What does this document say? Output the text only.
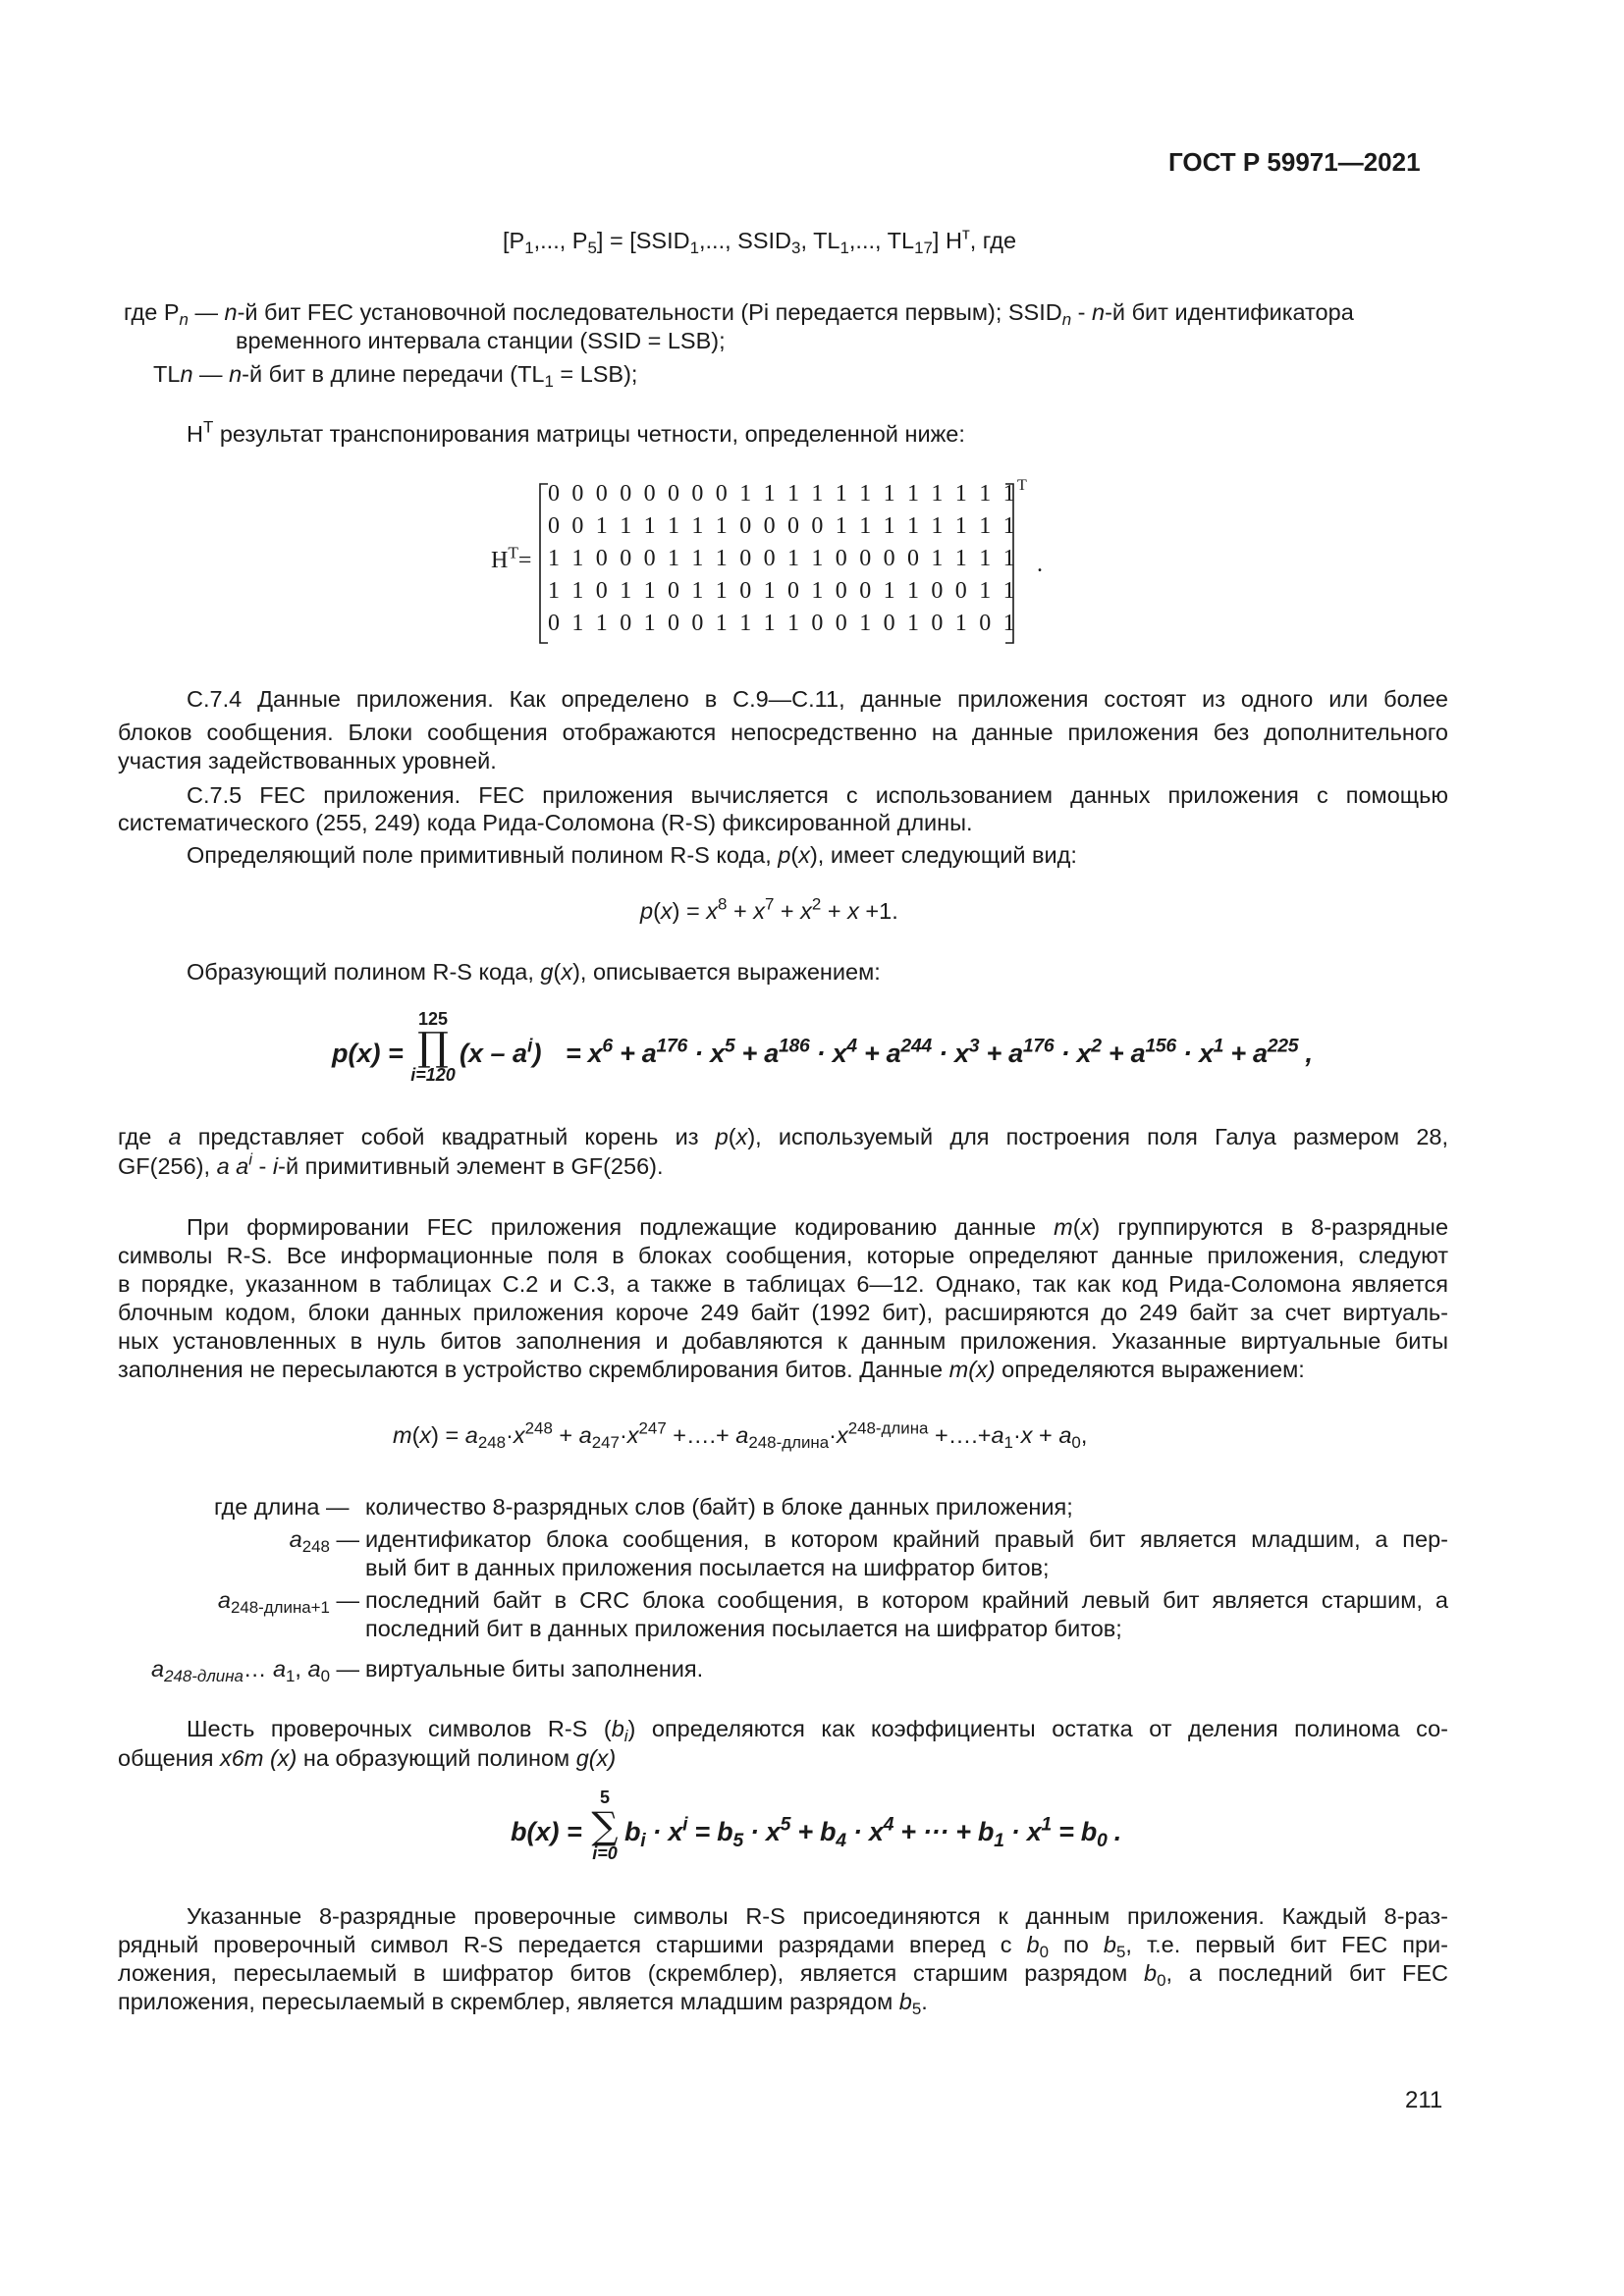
ГОСТ Р 59971—2021
[$P_1$,..., $P_5$] = [$SSID_1$,..., $SSID_3$, $TL_1$,..., $TL_{17}$] $H^т$, где
где $P_n$ — n-й бит FEC установочной последовательности (Pi передается первым); $SSID_n - n-й$ бит идентификатора
временного интервала станции (SSID = LSB);
TLn — n-й бит в длине передачи $(TL_1 = LSB)$;
$H^T$ результат транспонирования матрицы четности, определенной ниже:
$H^T=$
0 0 0 0 0 0 0 0 1 1 1 1 1 1 1 1 1 1 1 1
0 0 1 1 1 1 1 1 0 0 0 0 1 1 1 1 1 1 1 1
1 1 0 0 0 1 1 1 0 0 1 1 0 0 0 0 1 1 1 1
1 1 0 1 1 0 1 1 0 1 0 1 0 0 1 1 0 0 1 1
0 1 1 0 1 0 0 1 1 1 1 0 0 1 0 1 0 1 0 1
T
.
С.7.4 Данные приложения. Как определено в С.9—С.11, данные приложения состоят из одного или более
блоков сообщения. Блоки сообщения отображаются непосредственно на данные приложения без дополнительного
участия задействованных уровней.
С.7.5 FEC приложения. FEC приложения вычисляется с использованием данных приложения с помощью
систематического (255, 249) кода Рида-Соломона (R-S) фиксированной длины.
Определяющий поле примитивный полином R-S кода, p(x), имеет следующий вид:
$p(x) = x^8 + x^7 + x^2 + x +1$.
Образующий полином R-S кода, g(x), описывается выражением:
p(x) =
125
∏
i=120
$(x - a^i) = x^6 + a^{176} \cdot x^5 + a^{186} \cdot x^4 + a^{244} \cdot x^3 + a^{176} \cdot x^2 + a^{156} \cdot x^1 + a^{225}$ ,
где a представляет собой квадратный корень из p(x), используемый для построения поля Галуа размером 28,
GF(256), a $a^i - i-й$ примитивный элемент в GF(256).
При формировании FEC приложения подлежащие кодированию данные m(x) группируются в 8-разрядные
символы R-S. Все информационные поля в блоках сообщения, которые определяют данные приложения, следуют
в порядке, указанном в таблицах С.2 и С.3, а также в таблицах 6—12. Однако, так как код Рида-Соломона является
блочным кодом, блоки данных приложения короче 249 байт (1992 бит), расширяются до 249 байт за счет виртуаль-
ных установленных в нуль битов заполнения и добавляются к данным приложения. Указанные виртуальные биты
заполнения не пересылаются в устройство скремблирования битов. Данные m(x) определяются выражением:
$m(x) = a_{248}\cdot x^{248} + a_{247}\cdot x^{247}$ +….+ $a_{248-длина}\cdot x^{248-длина}$ $+\dots.+a_1\cdot x + a_0$,
где длина — количество 8-разрядных слов (байт) в блоке данных приложения;
$a_{248}$ — идентификатор блока сообщения, в котором крайний правый бит является младшим, а пер-
вый бит в данных приложения посылается на шифратор битов;
$a_{248-длина+1}$ — последний байт в CRC блока сообщения, в котором крайний левый бит является старшим, а
последний бит в данных приложения посылается на шифратор битов;
$a_{248-длина}\dots$ $a_1$, $a_0$ — виртуальные биты заполнения.
Шесть проверочных символов R-S $(b_i)$ определяются как коэффициенты остатка от деления полинома со-
общения x6m (x) на образующий полином g(x)
b(x) =
5
∑
i=0
$b_i \cdot x^i = b_5 \cdot x^5 + b_4 \cdot x^4$ + ··· + $b_1 \cdot x^1 = b_0$ .
Указанные 8-разрядные проверочные символы R-S присоединяются к данным приложения. Каждый 8-раз-
рядный проверочный символ R-S передается старшими разрядами вперед с $b_0$ по $b_5$, т.е. первый бит FEC при-
ложения, пересылаемый в шифратор битов (скремблер), является старшим разрядом $b_0$, а последний бит FEC
приложения, пересылаемый в скремблер, является младшим разрядом $b_5$.
211
